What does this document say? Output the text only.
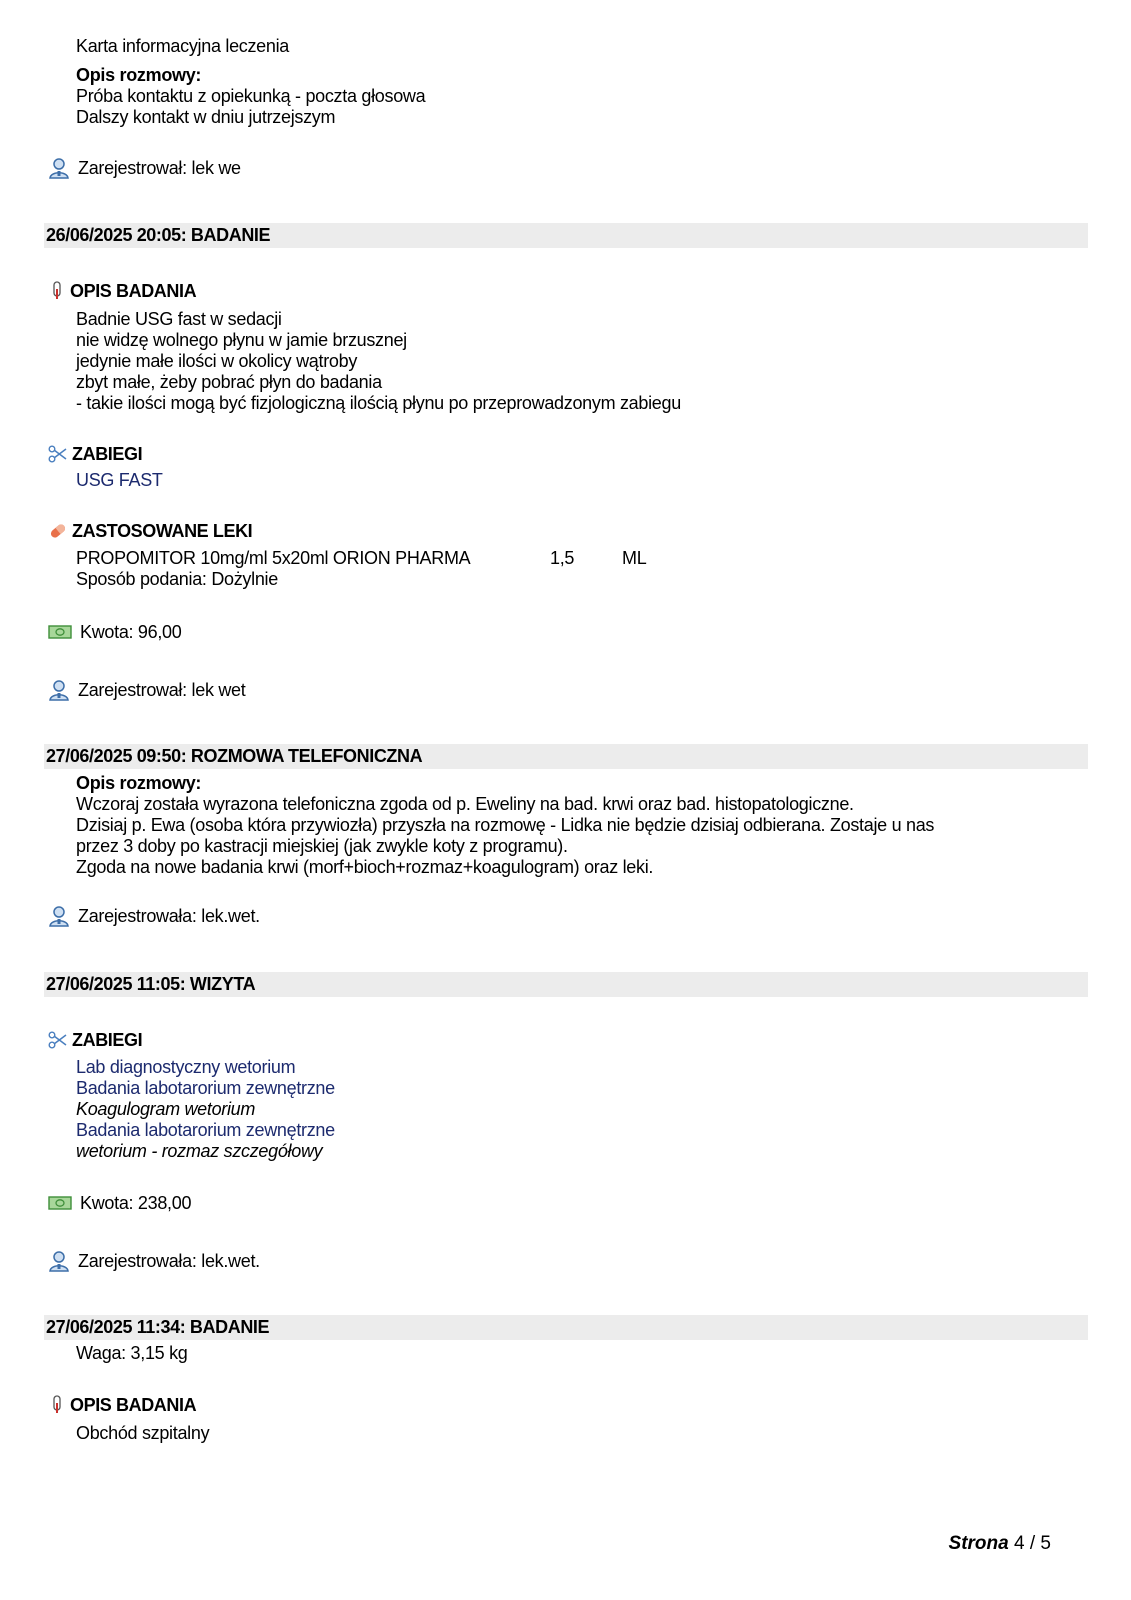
Karta informacyjna leczenia
Opis rozmowy:
Próba kontaktu z opiekunką - poczta głosowa
Dalszy kontakt w dniu jutrzejszym
Zarejestrował: lek we
26/06/2025 20:05: BADANIE
OPIS BADANIA
Badnie USG fast w sedacji
nie widzę wolnego płynu w jamie brzusznej
jedynie małe ilości w okolicy wątroby
zbyt małe, żeby pobrać płyn do badania
- takie ilości mogą być fizjologiczną ilością płynu po przeprowadzonym zabiegu
ZABIEGI
USG FAST
ZASTOSOWANE LEKI
PROPOMITOR 10mg/ml 5x20ml ORION PHARMA	1,5	ML
Sposób podania: Dożylnie
Kwota: 96,00
Zarejestrował: lek wet
27/06/2025 09:50: ROZMOWA TELEFONICZNA
Opis rozmowy:
Wczoraj została wyrazona telefoniczna zgoda od p. Eweliny na bad. krwi oraz bad. histopatologiczne.
Dzisiaj p. Ewa (osoba która przywiozła) przyszła na rozmowę - Lidka nie będzie dzisiaj odbierana. Zostaje u nas
przez 3 doby po kastracji miejskiej (jak zwykle koty z programu).
Zgoda na nowe badania krwi (morf+bioch+rozmaz+koagulogram) oraz leki.
Zarejestrowała: lek.wet.
27/06/2025 11:05: WIZYTA
ZABIEGI
Lab diagnostyczny wetorium
Badania labotarorium zewnętrzne
Koagulogram wetorium
Badania labotarorium zewnętrzne
wetorium - rozmaz szczegółowy
Kwota: 238,00
Zarejestrowała: lek.wet.
27/06/2025 11:34: BADANIE
Waga: 3,15 kg
OPIS BADANIA
Obchód szpitalny
Strona 4 / 5
